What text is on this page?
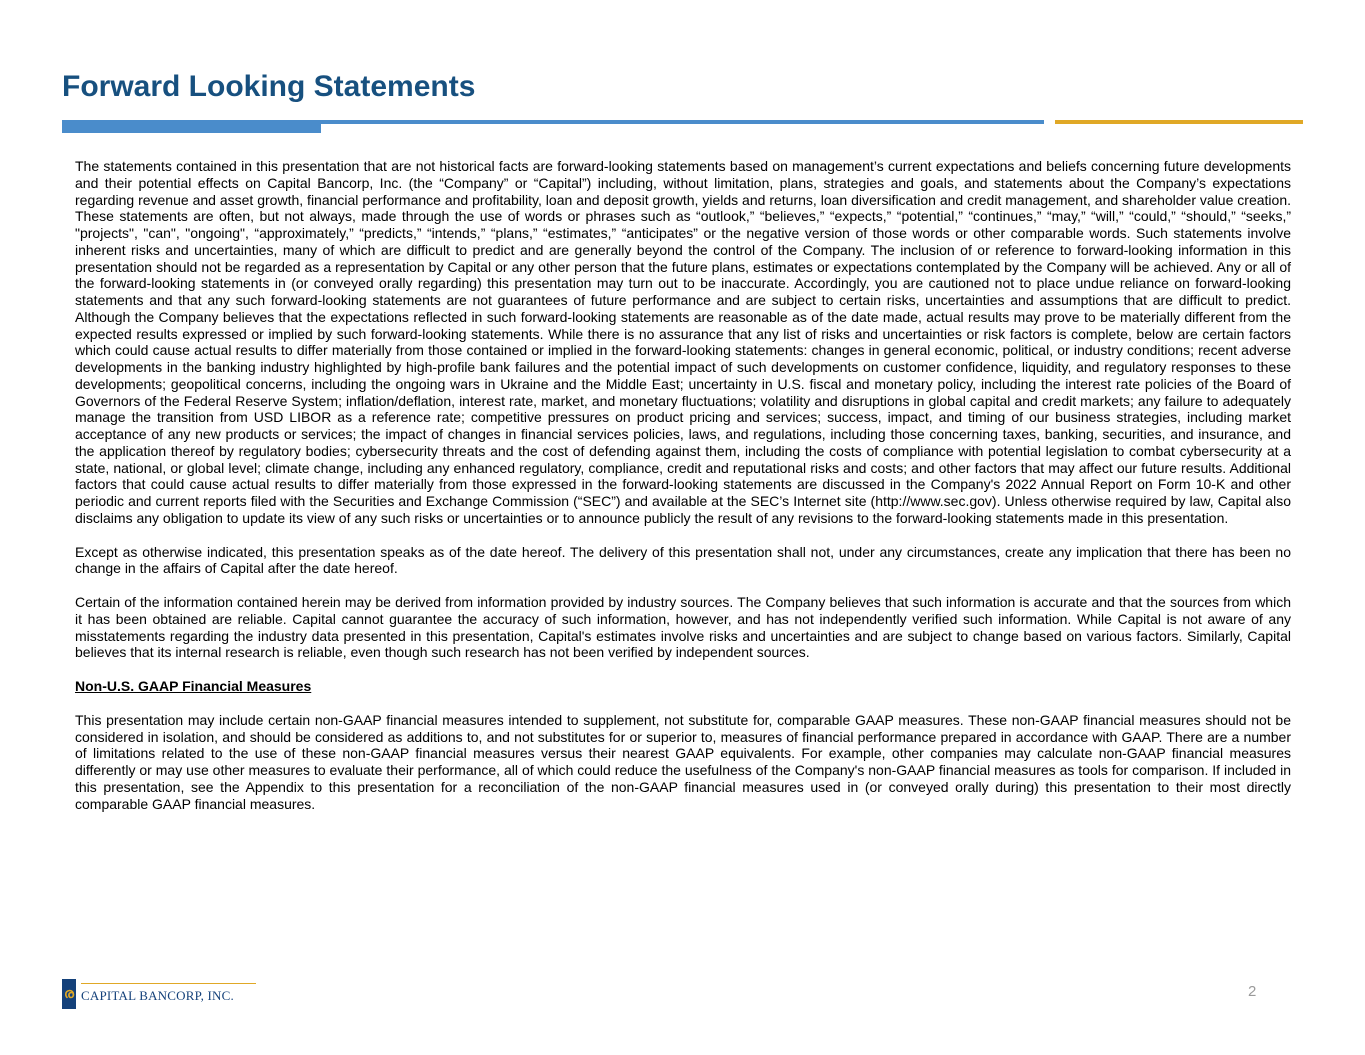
Forward Looking Statements

The statements contained in this presentation that are not historical facts are forward-looking statements based on management’s current expectations and beliefs concerning future developments and their potential effects on Capital Bancorp, Inc. (the “Company” or “Capital”) including, without limitation, plans, strategies and goals, and statements about the Company’s expectations regarding revenue and asset growth, financial performance and profitability, loan and deposit growth, yields and returns, loan diversification and credit management, and shareholder value creation. These statements are often, but not always, made through the use of words or phrases such as “outlook,” “believes,” “expects,” “potential,” “continues,” “may,” “will,” “could,” “should,” “seeks,” "projects", "can", "ongoing", “approximately,” “predicts,” “intends,” “plans,” “estimates,” “anticipates” or the negative version of those words or other comparable words. Such statements involve inherent risks and uncertainties, many of which are difficult to predict and are generally beyond the control of the Company. The inclusion of or reference to forward-looking information in this presentation should not be regarded as a representation by Capital or any other person that the future plans, estimates or expectations contemplated by the Company will be achieved. Any or all of the forward-looking statements in (or conveyed orally regarding) this presentation may turn out to be inaccurate. Accordingly, you are cautioned not to place undue reliance on forward-looking statements and that any such forward-looking statements are not guarantees of future performance and are subject to certain risks, uncertainties and assumptions that are difficult to predict. Although the Company believes that the expectations reflected in such forward-looking statements are reasonable as of the date made, actual results may prove to be materially different from the expected results expressed or implied by such forward-looking statements. While there is no assurance that any list of risks and uncertainties or risk factors is complete, below are certain factors which could cause actual results to differ materially from those contained or implied in the forward-looking statements: changes in general economic, political, or industry conditions; recent adverse developments in the banking industry highlighted by high-profile bank failures and the potential impact of such developments on customer confidence, liquidity, and regulatory responses to these developments; geopolitical concerns, including the ongoing wars in Ukraine and the Middle East; uncertainty in U.S. fiscal and monetary policy, including the interest rate policies of the Board of Governors of the Federal Reserve System; inflation/deflation, interest rate, market, and monetary fluctuations; volatility and disruptions in global capital and credit markets; any failure to adequately manage the transition from USD LIBOR as a reference rate; competitive pressures on product pricing and services; success, impact, and timing of our business strategies, including market acceptance of any new products or services; the impact of changes in financial services policies, laws, and regulations, including those concerning taxes, banking, securities, and insurance, and the application thereof by regulatory bodies; cybersecurity threats and the cost of defending against them, including the costs of compliance with potential legislation to combat cybersecurity at a state, national, or global level; climate change, including any enhanced regulatory, compliance, credit and reputational risks and costs; and other factors that may affect our future results. Additional factors that could cause actual results to differ materially from those expressed in the forward-looking statements are discussed in the Company's 2022 Annual Report on Form 10-K and other periodic and current reports filed with the Securities and Exchange Commission (“SEC”) and available at the SEC’s Internet site (http://www.sec.gov). Unless otherwise required by law, Capital also disclaims any obligation to update its view of any such risks or uncertainties or to announce publicly the result of any revisions to the forward-looking statements made in this presentation.

Except as otherwise indicated, this presentation speaks as of the date hereof. The delivery of this presentation shall not, under any circumstances, create any implication that there has been no change in the affairs of Capital after the date hereof.

Certain of the information contained herein may be derived from information provided by industry sources. The Company believes that such information is accurate and that the sources from which it has been obtained are reliable. Capital cannot guarantee the accuracy of such information, however, and has not independently verified such information. While Capital is not aware of any misstatements regarding the industry data presented in this presentation, Capital's estimates involve risks and uncertainties and are subject to change based on various factors. Similarly, Capital believes that its internal research is reliable, even though such research has not been verified by independent sources.

Non-U.S. GAAP Financial Measures

This presentation may include certain non-GAAP financial measures intended to supplement, not substitute for, comparable GAAP measures. These non-GAAP financial measures should not be considered in isolation, and should be considered as additions to, and not substitutes for or superior to, measures of financial performance prepared in accordance with GAAP. There are a number of limitations related to the use of these non-GAAP financial measures versus their nearest GAAP equivalents. For example, other companies may calculate non-GAAP financial measures differently or may use other measures to evaluate their performance, all of which could reduce the usefulness of the Company's non-GAAP financial measures as tools for comparison. If included in this presentation, see the Appendix to this presentation for a reconciliation of the non-GAAP financial measures used in (or conveyed orally during) this presentation to their most directly comparable GAAP financial measures.

ര CAPITAL BANCORP, INC.	2
